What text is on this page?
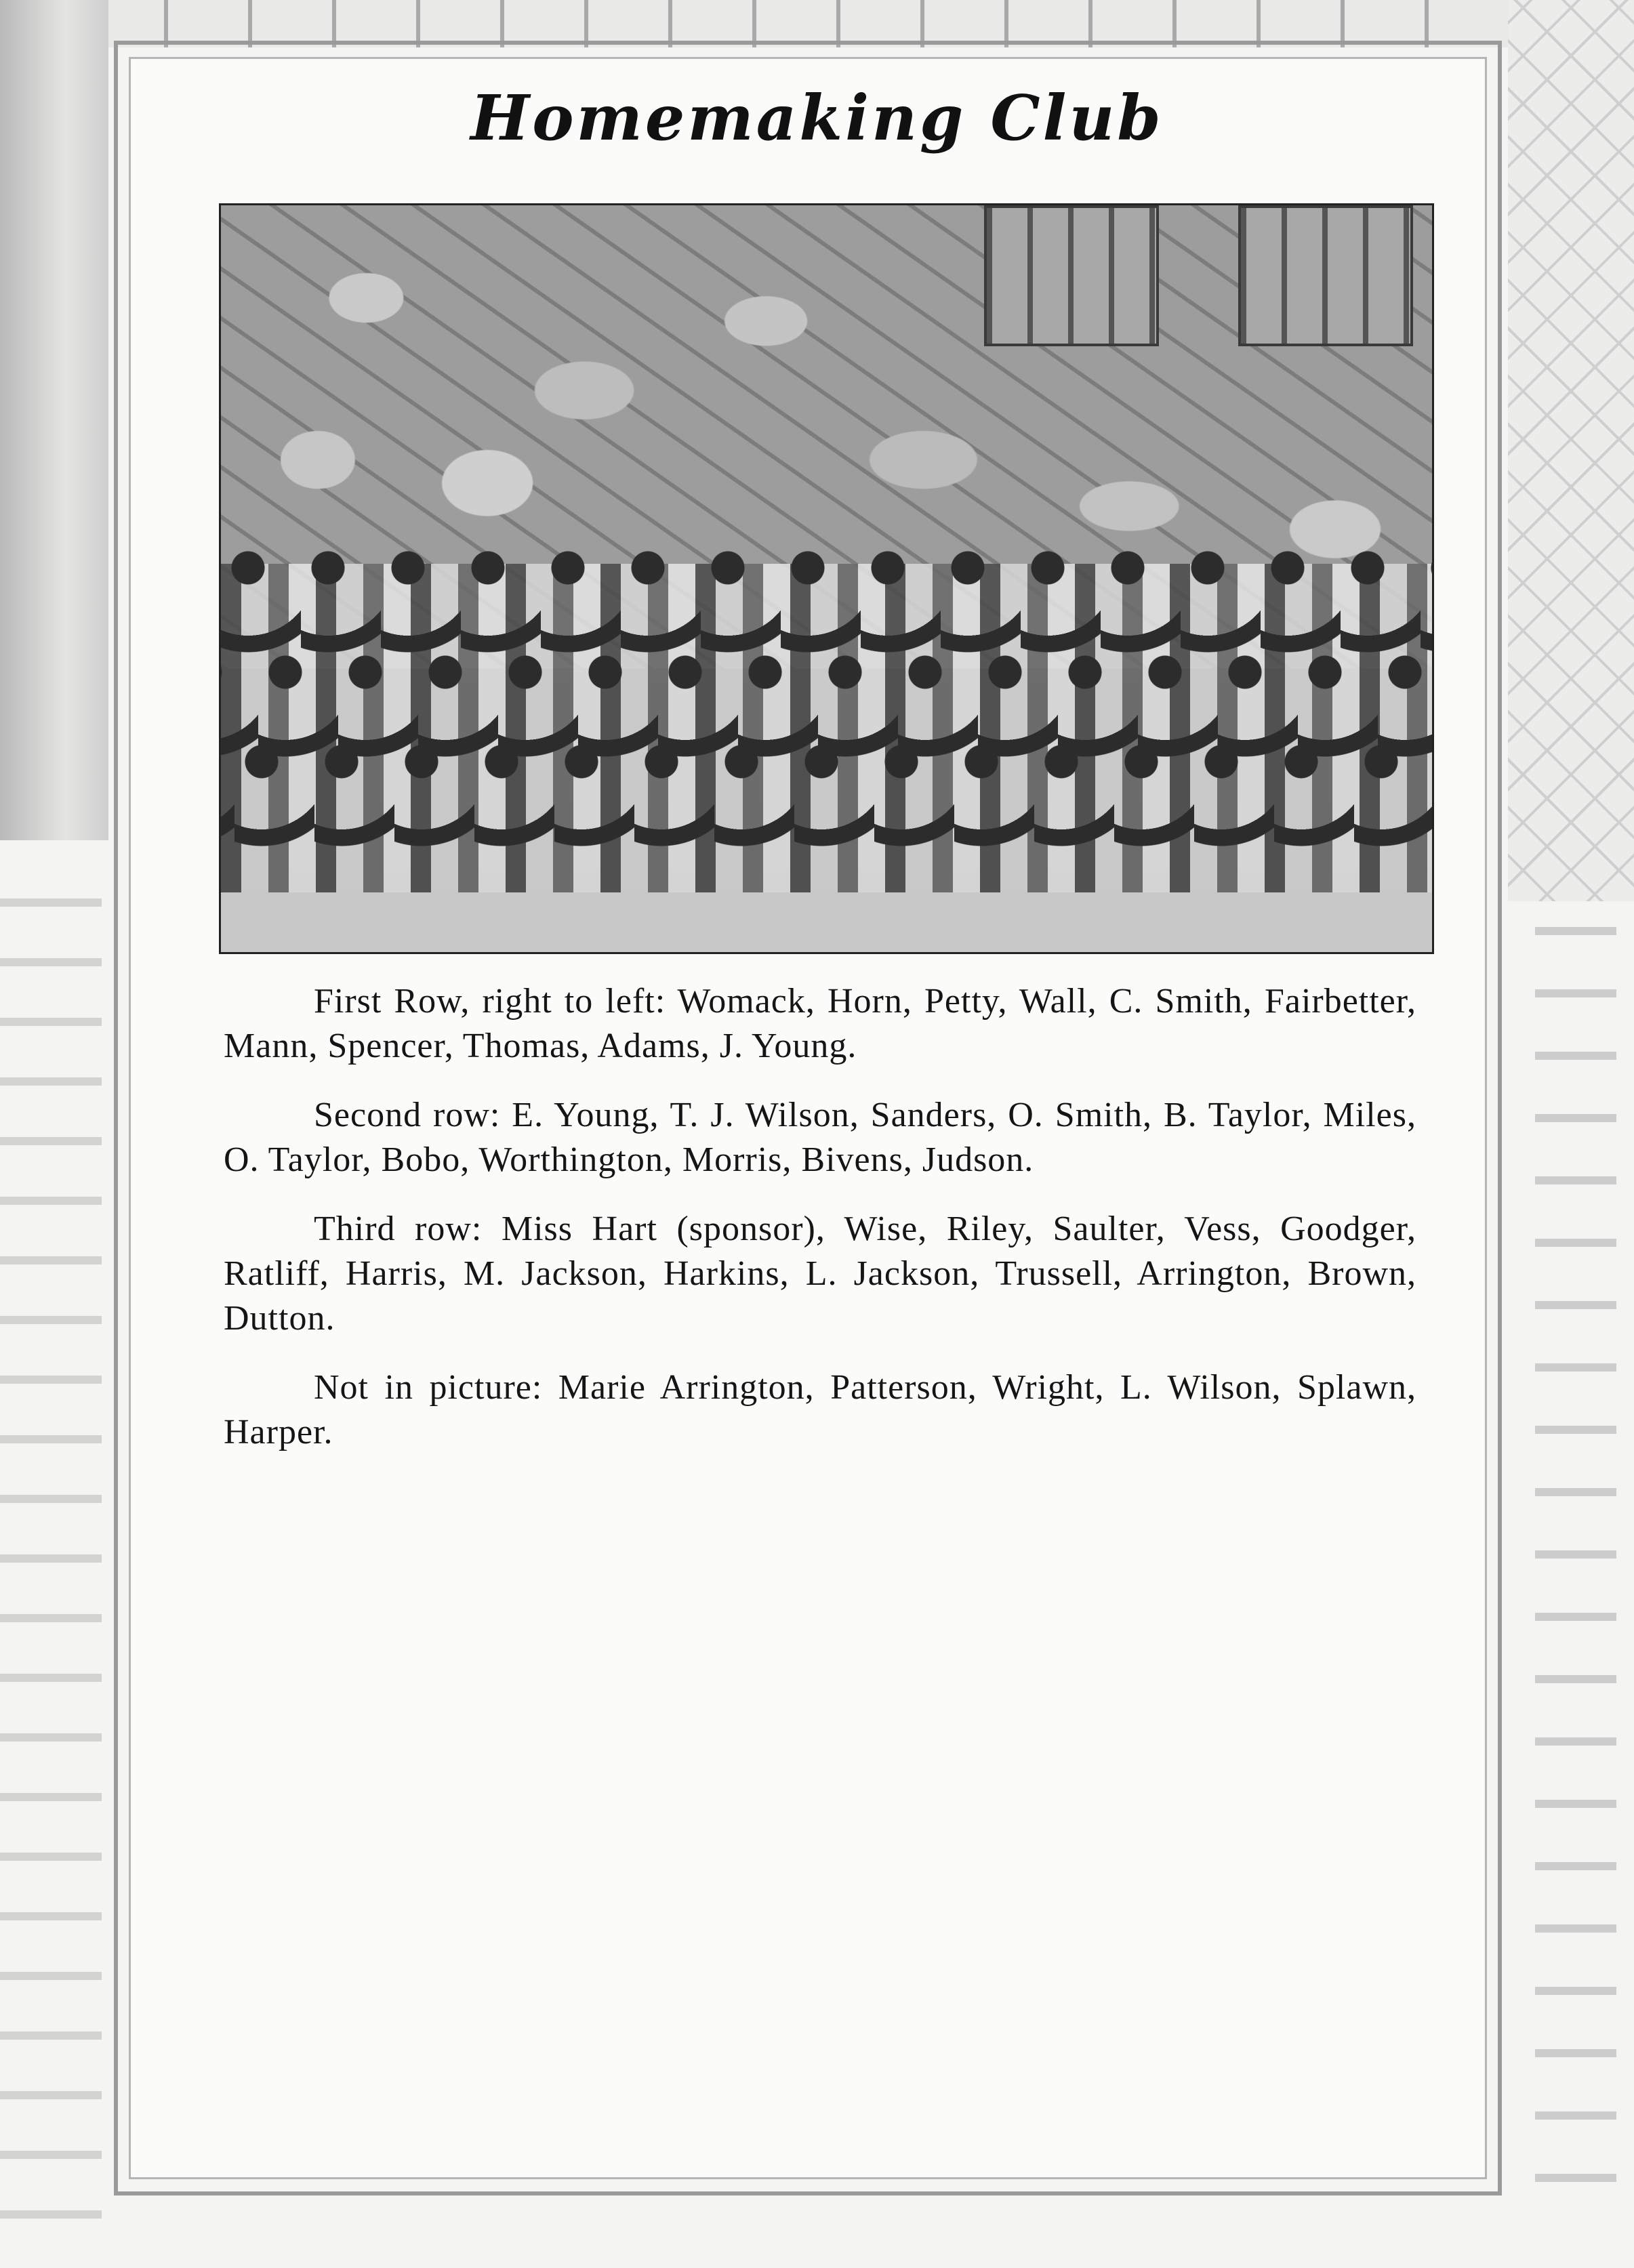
Homemaking Club

First Row, right to left: Womack, Horn, Petty, Wall, C. Smith, Fairbetter, Mann, Spencer, Thomas, Adams, J. Young.

Second row: E. Young, T. J. Wilson, Sanders, O. Smith, B. Taylor, Miles, O. Taylor, Bobo, Worthington, Morris, Bivens, Judson.

Third row: Miss Hart (sponsor), Wise, Riley, Saulter, Vess, Goodger, Ratliff, Harris, M. Jackson, Harkins, L. Jackson, Trussell, Arrington, Brown, Dutton.

Not in picture: Marie Arrington, Patterson, Wright, L. Wilson, Splawn, Harper.
